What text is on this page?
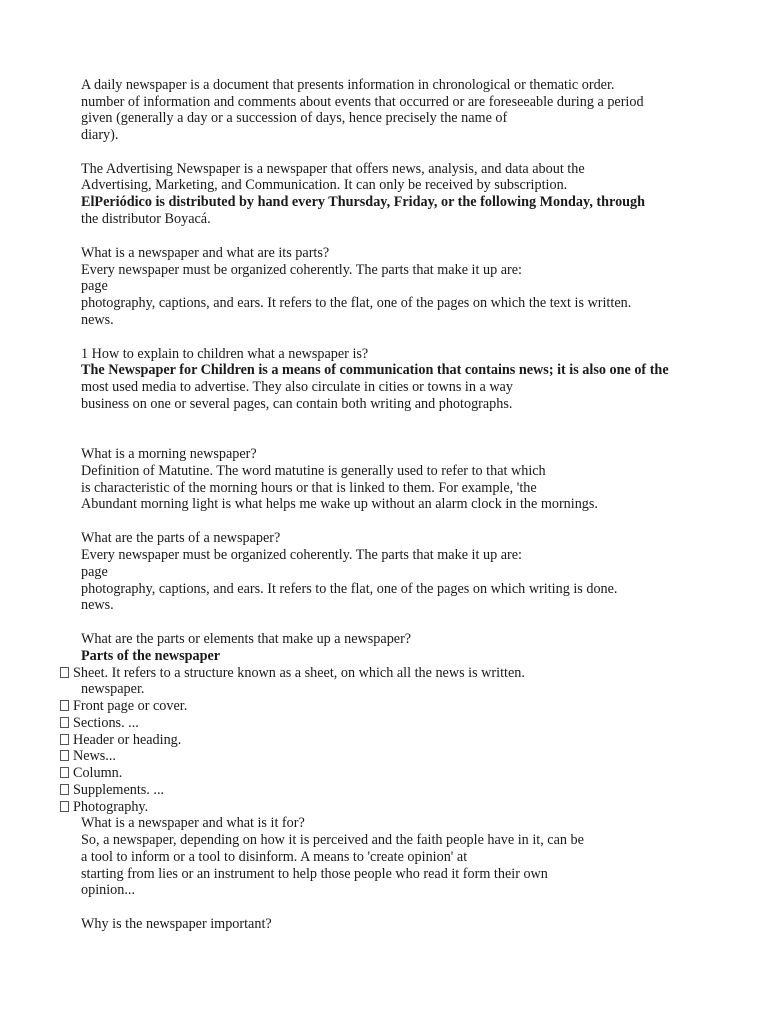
A daily newspaper is a document that presents information in chronological or thematic order.
number of information and comments about events that occurred or are foreseeable during a period
given (generally a day or a succession of days, hence precisely the name of
diary).
The Advertising Newspaper is a newspaper that offers news, analysis, and data about the
Advertising, Marketing, and Communication. It can only be received by subscription.
ElPeriódico is distributed by hand every Thursday, Friday, or the following Monday, through
the distributor Boyacá.
What is a newspaper and what are its parts?
Every newspaper must be organized coherently. The parts that make it up are:
page
photography, captions, and ears. It refers to the flat, one of the pages on which the text is written.
news.
1 How to explain to children what a newspaper is?
The Newspaper for Children is a means of communication that contains news; it is also one of the
most used media to advertise. They also circulate in cities or towns in a way
business on one or several pages, can contain both writing and photographs.
What is a morning newspaper?
Definition of Matutine. The word matutine is generally used to refer to that which
is characteristic of the morning hours or that is linked to them. For example, 'the
Abundant morning light is what helps me wake up without an alarm clock in the mornings.
What are the parts of a newspaper?
Every newspaper must be organized coherently. The parts that make it up are:
page
photography, captions, and ears. It refers to the flat, one of the pages on which writing is done.
news.
What are the parts or elements that make up a newspaper?
Parts of the newspaper
Sheet. It refers to a structure known as a sheet, on which all the news is written.
newspaper.
Front page or cover.
Sections. ...
Header or heading.
News...
Column.
Supplements. ...
Photography.
What is a newspaper and what is it for?
So, a newspaper, depending on how it is perceived and the faith people have in it, can be
a tool to inform or a tool to disinform. A means to 'create opinion' at
starting from lies or an instrument to help those people who read it form their own
opinion...
Why is the newspaper important?
